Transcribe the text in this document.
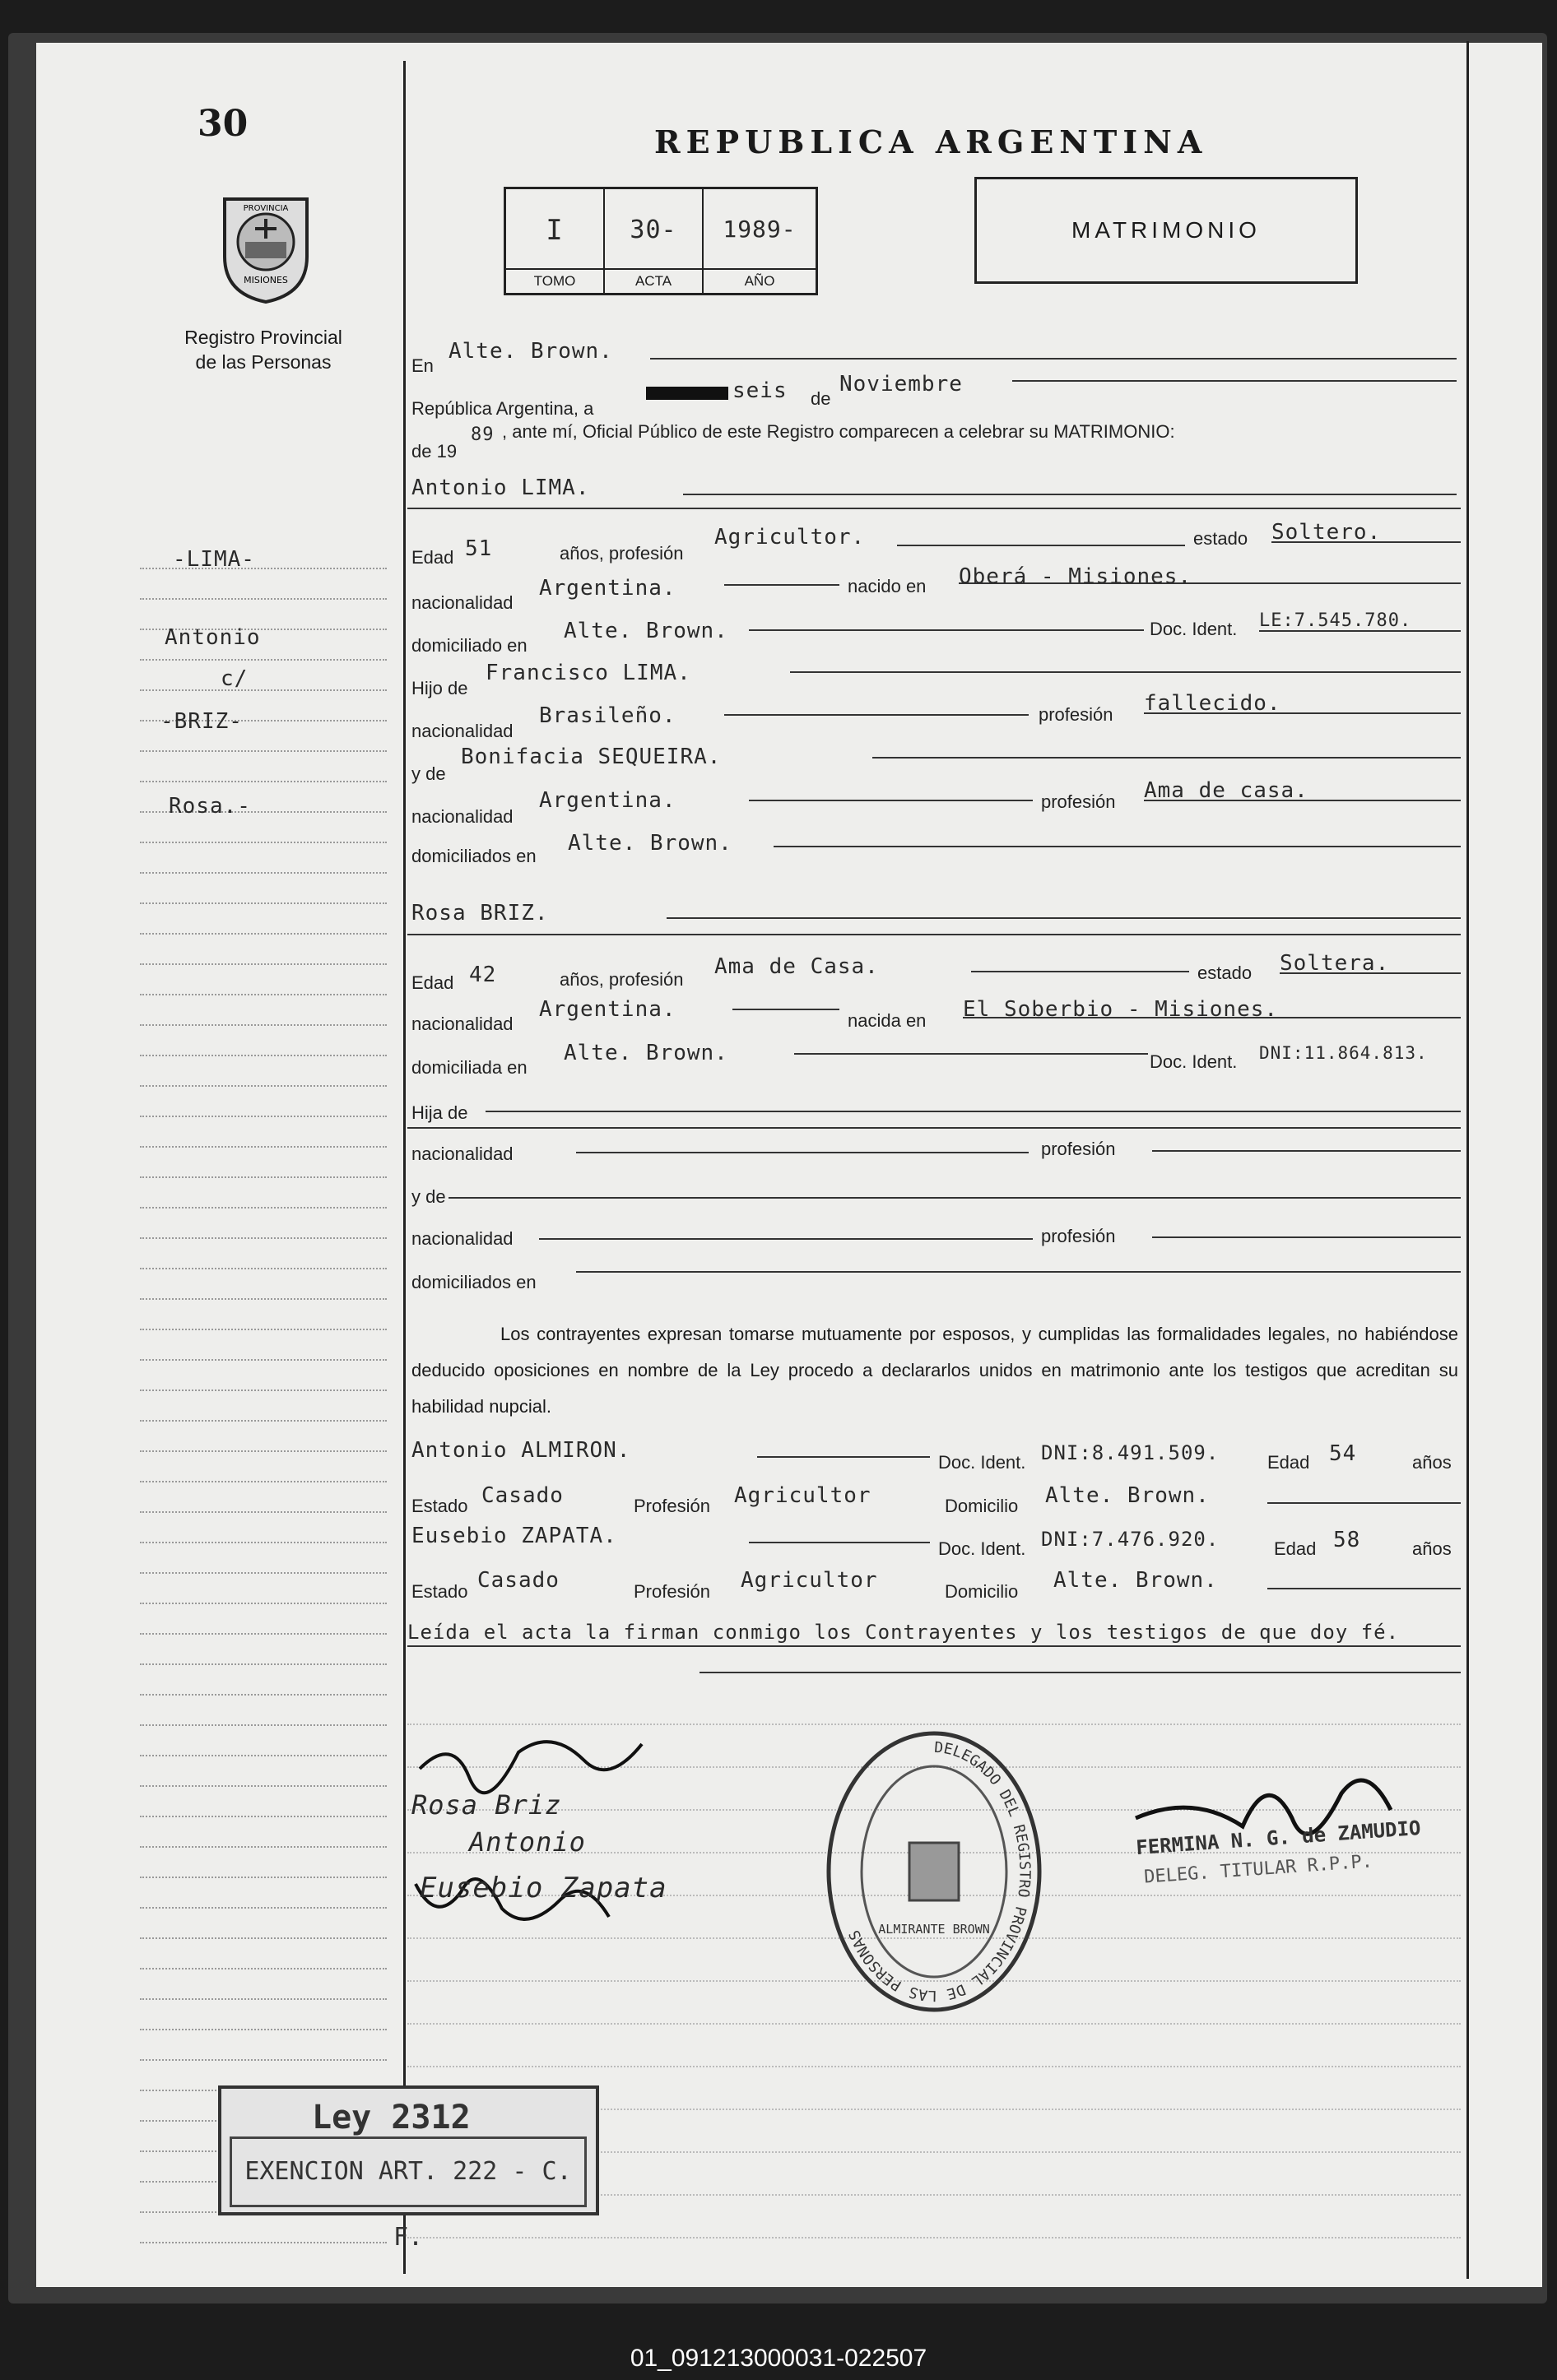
30
PROVINCIA
MISIONES
Registro Provincial
de las Personas
-LIMA-
Antonio
c/
-BRIZ-
Rosa.-
REPUBLICA ARGENTINA
I
TOMO
30-
ACTA
1989-
AÑO
MATRIMONIO
En
Alte. Brown.
República Argentina, a
seis de
Noviembre
de 19
89 , ante mí, Oficial Público de este Registro comparecen a celebrar su MATRIMONIO:
Antonio LIMA.
Edad 51	años, profesión
Agricultor.	estado Soltero.
nacionalidad
Argentina.	nacido en Oberá - Misiones.
domiciliado en
Alte. Brown.	Doc. Ident. LE:7.545.780.
Hijo de
Francisco LIMA.
nacionalidad
Brasileño.	profesión fallecido.
y de
Bonifacia SEQUEIRA.
nacionalidad
Argentina.	profesión Ama de casa.
domiciliados en
Alte. Brown.
Rosa BRIZ.
Edad 42	años, profesión
Ama de Casa.	estado Soltera.
nacionalidad
Argentina.	nacida en El Soberbio - Misiones.
domiciliada en
Alte. Brown.	Doc. Ident. DNI:11.864.813.
Hija de
nacionalidad	profesión
y de
nacionalidad	profesión
domiciliados en
Los contrayentes expresan tomarse mutuamente por esposos, y cumplidas las formalidades legales, no habiéndose deducido oposiciones en nombre de la Ley procedo a declararlos unidos en matrimonio ante los testigos que acreditan su habilidad nupcial.
Antonio ALMIRON.	Doc. Ident. DNI:8.491.509.	Edad 54	años
Estado Casado	Profesión Agricultor	Domicilio Alte. Brown.
Eusebio ZAPATA.
Doc. Ident. DNI:7.476.920.	Edad 58	años
Estado Casado	Profesión Agricultor	Domicilio Alte. Brown.
Leída el acta la firman conmigo los Contrayentes y los testigos de que doy fé.
Rosa Briz
Antonio
Eusebio Zapata
DELEGADO DEL REGISTRO PROVINCIAL DE LAS PERSONAS	ALMIRANTE BROWN
FERMINA N. G. de ZAMUDIO
DELEG. TITULAR R.P.P.
Ley 2312
EXENCION ART. 222 - C. F.
01_091213000031-022507
